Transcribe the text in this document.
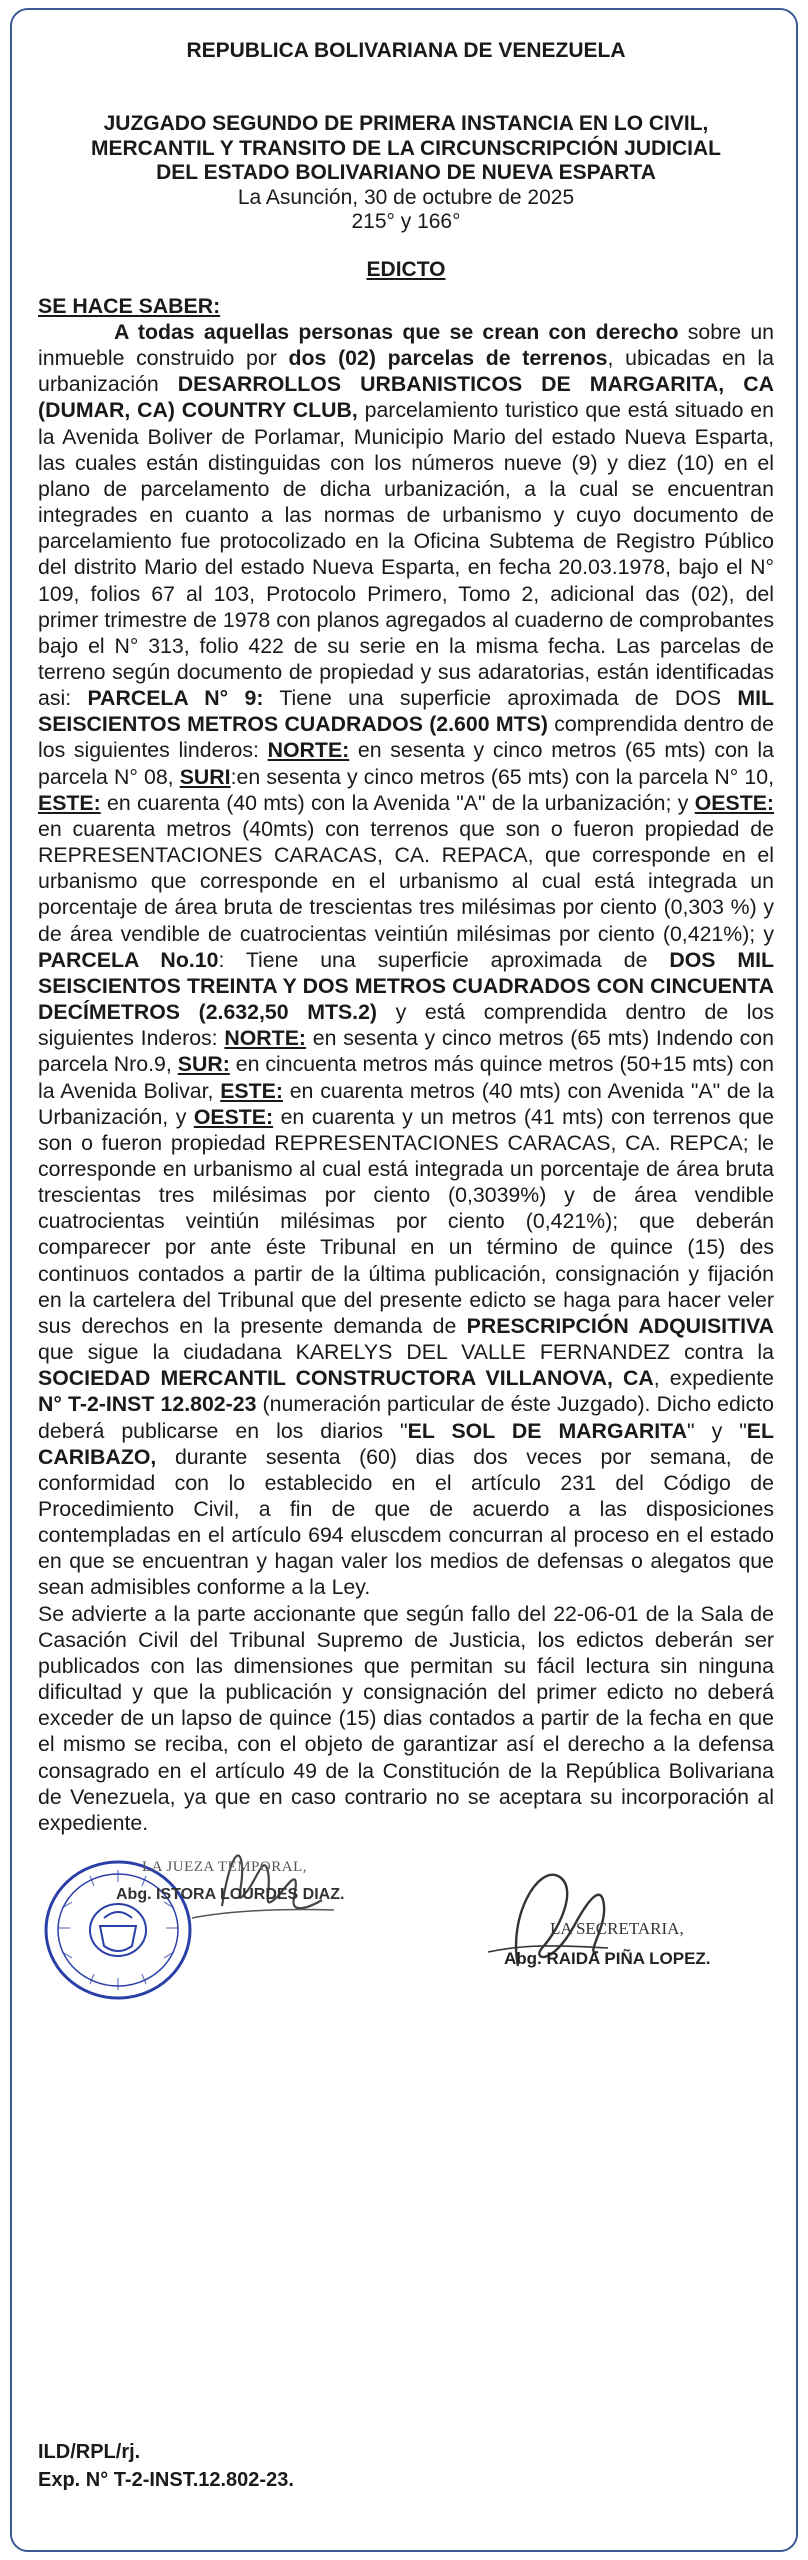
REPUBLICA BOLIVARIANA DE VENEZUELA
JUZGADO SEGUNDO DE PRIMERA INSTANCIA EN LO CIVIL,
MERCANTIL Y TRANSITO DE LA CIRCUNSCRIPCIÓN JUDICIAL
DEL ESTADO BOLIVARIANO DE NUEVA ESPARTA
La Asunción, 30 de octubre de 2025
215° y 166°
EDICTO

SE HACE SABER:

A todas aquellas personas que se crean con derecho sobre un inmueble construido por dos (02) parcelas de terrenos, ubicadas en la urbanización DESARROLLOS URBANISTICOS DE MARGARITA, CA (DUMAR, CA) COUNTRY CLUB, parcelamiento turistico que está situado en la Avenida Boliver de Porlamar, Municipio Mario del estado Nueva Esparta, las cuales están distinguidas con los números nueve (9) y diez (10) en el plano de parcelamento de dicha urbanización, a la cual se encuentran integrades en cuanto a las normas de urbanismo y cuyo documento de parcelamiento fue protocolizado en la Oficina Subtema de Registro Público del distrito Mario del estado Nueva Esparta, en fecha 20.03.1978, bajo el N° 109, folios 67 al 103, Protocolo Primero, Tomo 2, adicional das (02), del primer trimestre de 1978 con planos agregados al cuaderno de comprobantes bajo el N° 313, folio 422 de su serie en la misma fecha. Las parcelas de terreno según documento de propiedad y sus adaratorias, están identificadas asi: PARCELA N° 9: Tiene una superficie aproximada de DOS MIL SEISCIENTOS METROS CUADRADOS (2.600 MTS) comprendida dentro de los siguientes linderos: NORTE: en sesenta y cinco metros (65 mts) con la parcela N° 08, SURI:en sesenta y cinco metros (65 mts) con la parcela N° 10, ESTE: en cuarenta (40 mts) con la Avenida "A" de la urbanización; y OESTE: en cuarenta metros (40mts) con terrenos que son o fueron propiedad de REPRESENTACIONES CARACAS, CA. REPACA, que corresponde en el urbanismo que corresponde en el urbanismo al cual está integrada un porcentaje de área bruta de trescientas tres milésimas por ciento (0,303 %) y de área vendible de cuatrocientas veintiún milésimas por ciento (0,421%); y PARCELA No.10: Tiene una superficie aproximada de DOS MIL SEISCIENTOS TREINTA Y DOS METROS CUADRADOS CON CINCUENTA DECÍMETROS (2.632,50 MTS.2) y está comprendida dentro de los siguientes Inderos: NORTE: en sesenta y cinco metros (65 mts) Indendo con parcela Nro.9, SUR: en cincuenta metros más quince metros (50+15 mts) con la Avenida Bolivar, ESTE: en cuarenta metros (40 mts) con Avenida "A" de la Urbanización, y OESTE: en cuarenta y un metros (41 mts) con terrenos que son o fueron propiedad REPRESENTACIONES CARACAS, CA. REPCA; le corresponde en urbanismo al cual está integrada un porcentaje de área bruta trescientas tres milésimas por ciento (0,3039%) y de área vendible cuatrocientas veintiún milésimas por ciento (0,421%); que deberán comparecer por ante éste Tribunal en un término de quince (15) des continuos contados a partir de la última publicación, consignación y fijación en la cartelera del Tribunal que del presente edicto se haga para hacer veler sus derechos en la presente demanda de PRESCRIPCIÓN ADQUISITIVA que sigue la ciudadana KARELYS DEL VALLE FERNANDEZ contra la SOCIEDAD MERCANTIL CONSTRUCTORA VILLANOVA, CA, expediente N° T-2-INST 12.802-23 (numeración particular de éste Juzgado). Dicho edicto deberá publicarse en los diarios "EL SOL DE MARGARITA" y "EL CARIBAZO, durante sesenta (60) dias dos veces por semana, de conformidad con lo establecido en el artículo 231 del Código de Procedimiento Civil, a fin de que de acuerdo a las disposiciones contempladas en el artículo 694 eluscdem concurran al proceso en el estado en que se encuentran y hagan valer los medios de defensas o alegatos que sean admisibles conforme a la Ley.

Se advierte a la parte accionante que según fallo del 22-06-01 de la Sala de Casación Civil del Tribunal Supremo de Justicia, los edictos deberán ser publicados con las dimensiones que permitan su fácil lectura sin ninguna dificultad y que la publicación y consignación del primer edicto no deberá exceder de un lapso de quince (15) dias contados a partir de la fecha en que el mismo se reciba, con el objeto de garantizar así el derecho a la defensa consagrado en el artículo 49 de la Constitución de la República Bolivariana de Venezuela, ya que en caso contrario no se aceptara su incorporación al expediente.

LA JUEZA TEMPORAL,
Abg. ISTORA LOURDES DIAZ.
LA SECRETARIA,
Abg. RAIDA PIÑA LOPEZ.
ILD/RPL/rj.
Exp. N° T-2-INST.12.802-23.
